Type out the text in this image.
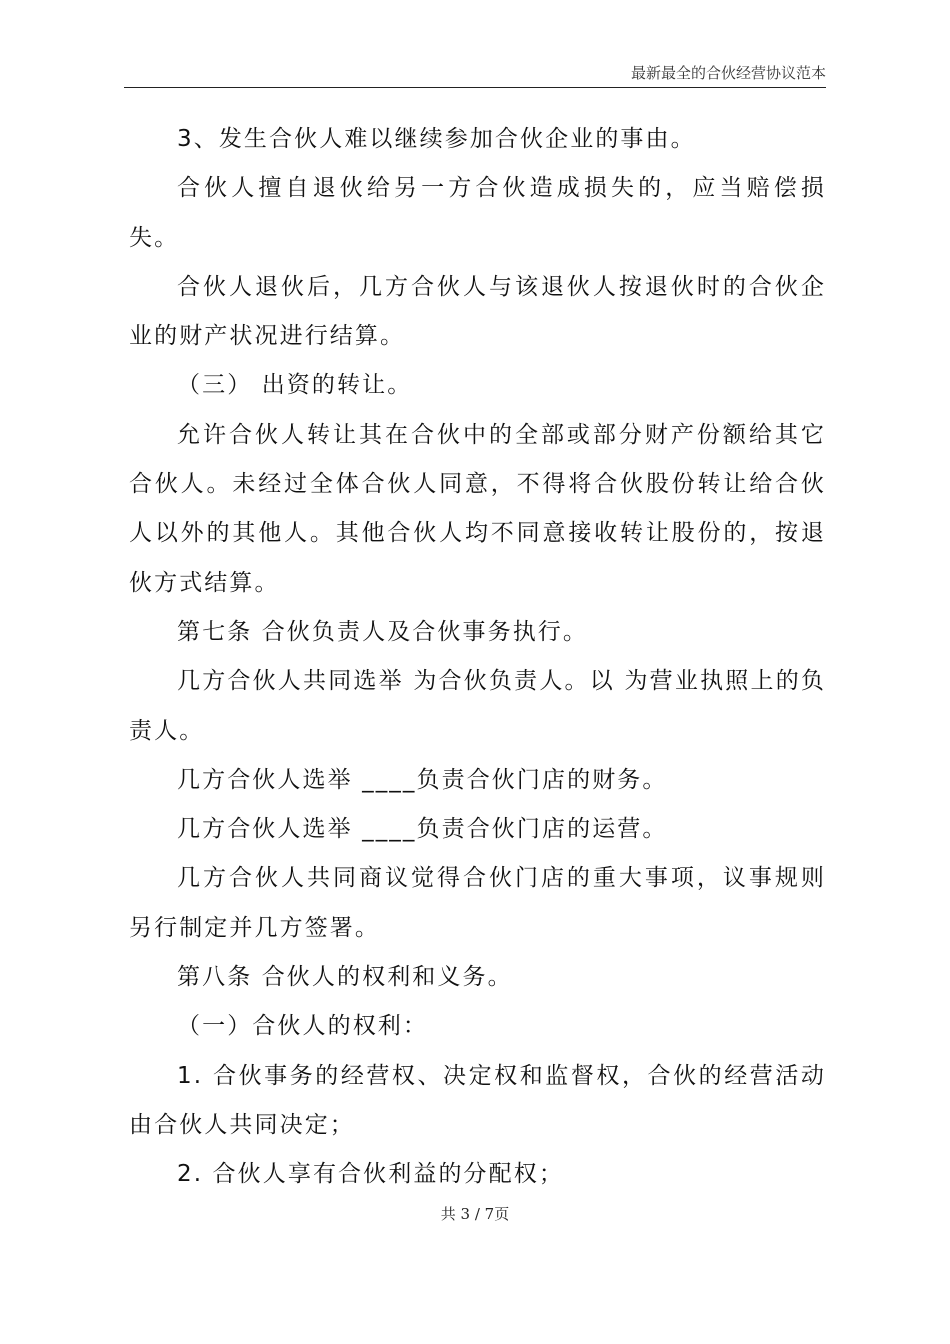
最新最全的合伙经营协议范本

3、发生合伙人难以继续参加合伙企业的事由。

合伙人擅自退伙给另一方合伙造成损失的，应当赔偿损失。

合伙人退伙后，几方合伙人与该退伙人按退伙时的合伙企业的财产状况进行结算。

（三） 出资的转让。

允许合伙人转让其在合伙中的全部或部分财产份额给其它合伙人。未经过全体合伙人同意，不得将合伙股份转让给合伙人以外的其他人。其他合伙人均不同意接收转让股份的，按退伙方式结算。

第七条 合伙负责人及合伙事务执行。

几方合伙人共同选举 为合伙负责人。以 为营业执照上的负责人。

几方合伙人选举 ____负责合伙门店的财务。

几方合伙人选举 ____负责合伙门店的运营。

几方合伙人共同商议觉得合伙门店的重大事项，议事规则另行制定并几方签署。

第八条 合伙人的权利和义务。

（一）合伙人的权利：

1. 合伙事务的经营权、决定权和监督权，合伙的经营活动由合伙人共同决定；

2. 合伙人享有合伙利益的分配权；

共 3 / 7页
